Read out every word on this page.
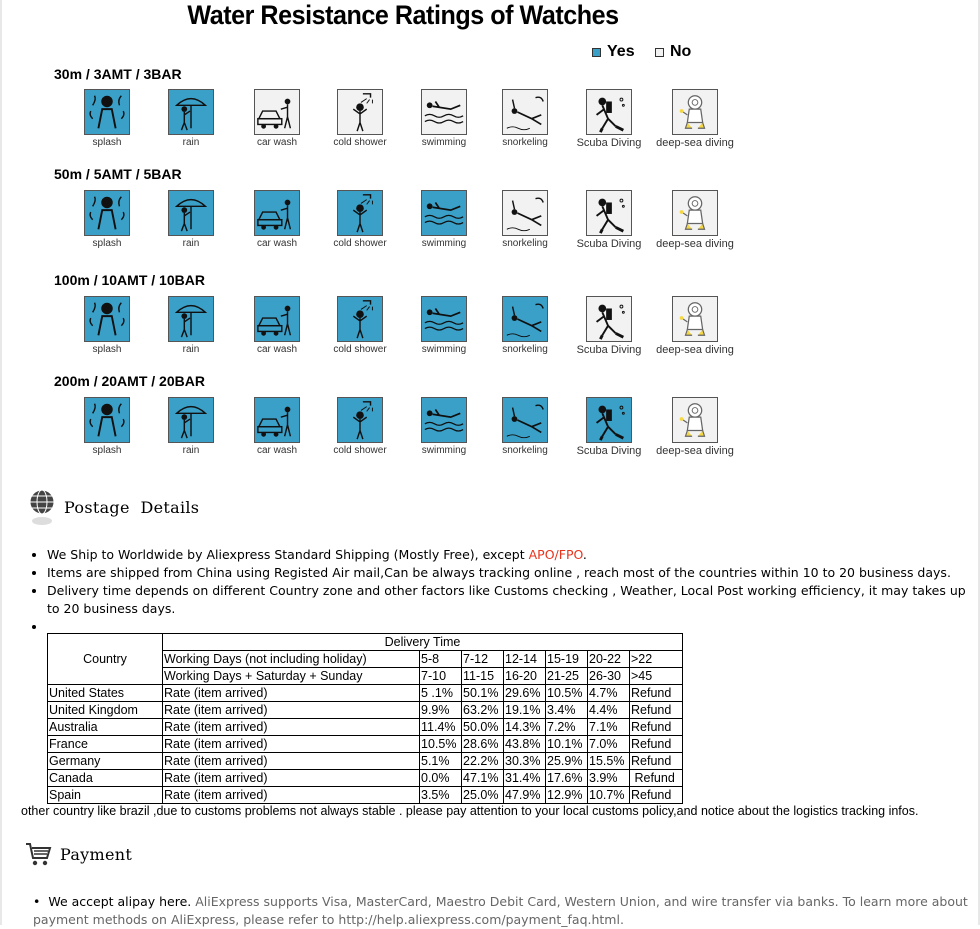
Water Resistance Ratings of Watches
Yes No
30m / 3AMT / 3BAR
splash	rain	car wash	cold shower	swimming	snorkeling	Scuba Diving	deep-sea diving
50m / 5AMT / 5BAR
splash	rain	car wash	cold shower	swimming	snorkeling	Scuba Diving	deep-sea diving
100m / 10AMT / 10BAR
splash	rain	car wash	cold shower	swimming	snorkeling	Scuba Diving	deep-sea diving
200m / 20AMT / 20BAR
splash	rain	car wash	cold shower	swimming	snorkeling	Scuba Diving	deep-sea diving
Postage  Details
• We Ship to Worldwide by Aliexpress Standard Shipping (Mostly Free), except APO/FPO.
• Items are shipped from China using Registed Air mail,Can be always tracking online , reach most of the countries within 10 to 20 business days.
• Delivery time depends on different Country zone and other factors like Customs checking , Weather, Local Post working efficiency, it may takes up to 20 business days.
•
Country	Delivery Time						
	Working Days (not including holiday)	5-8	7-12	12-14	15-19	20-22	>22
	Working Days + Saturday + Sunday	7-10	11-15	16-20	21-25	26-30	>45
United States	Rate (item arrived)	5 .1%	50.1%	29.6%	10.5%	4.7%	Refund
United Kingdom	Rate (item arrived)	9.9%	63.2%	19.1%	3.4%	4.4%	Refund
Australia	Rate (item arrived)	11.4%	50.0%	14.3%	7.2%	7.1%	Refund
France	Rate (item arrived)	10.5%	28.6%	43.8%	10.1%	7.0%	Refund
Germany	Rate (item arrived)	5.1%	22.2%	30.3%	25.9%	15.5%	Refund
Canada	Rate (item arrived)	0.0%	47.1%	31.4%	17.6%	3.9%	Refund
Spain	Rate (item arrived)	3.5%	25.0%	47.9%	12.9%	10.7%	Refund
other country like brazil ,due to customs problems not always stable . please pay attention to your local customs policy,and notice about the logistics tracking infos.
Payment
•  We accept alipay here. AliExpress supports Visa, MasterCard, Maestro Debit Card, Western Union, and wire transfer via banks. To learn more about payment methods on AliExpress, please refer to http://help.aliexpress.com/payment_faq.html.
